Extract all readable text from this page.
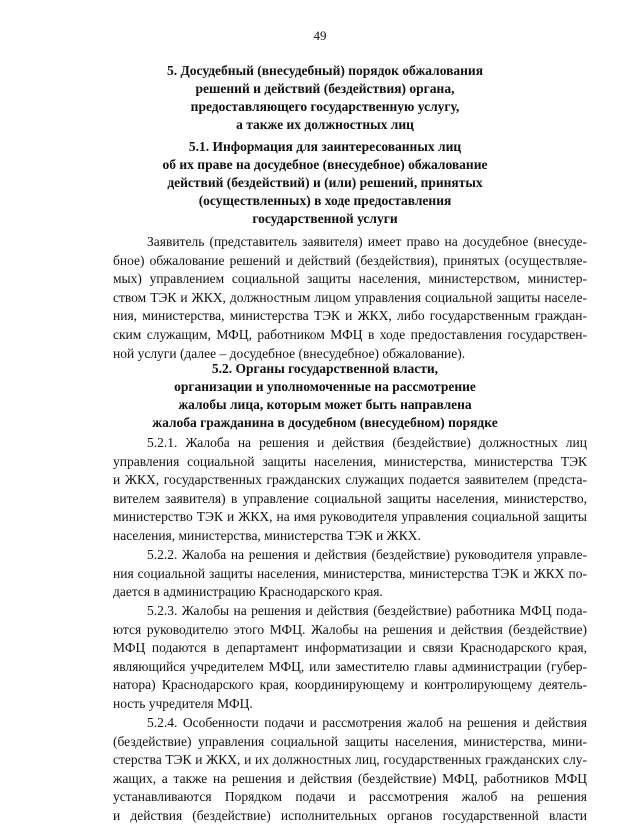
49
5. Досудебный (внесудебный) порядок обжалования
решений и действий (бездействия) органа,
предоставляющего государственную услугу,
а также их должностных лиц
5.1. Информация для заинтересованных лиц
об их праве на досудебное (внесудебное) обжалование
действий (бездействий) и (или) решений, принятых
(осуществленных) в ходе предоставления
государственной услуги
Заявитель (представитель заявителя) имеет право на досудебное (внесуде-
бное) обжалование решений и действий (бездействия), принятых (осуществляе-
мых) управлением социальной защиты населения, министерством, министер-
ством ТЭК и ЖКХ, должностным лицом управления социальной защиты населе-
ния, министерства, министерства ТЭК и ЖКХ, либо государственным граждан-
ским служащим, МФЦ, работником МФЦ в ходе предоставления государствен-
ной услуги (далее – досудебное (внесудебное) обжалование).
5.2. Органы государственной власти,
организации и уполномоченные на рассмотрение
жалобы лица, которым может быть направлена
жалоба гражданина в досудебном (внесудебном) порядке
5.2.1. Жалоба на решения и действия (бездействие) должностных лиц
управления социальной защиты населения, министерства, министерства ТЭК
и ЖКХ, государственных гражданских служащих подается заявителем (предста-
вителем заявителя) в управление социальной защиты населения, министерство,
министерство ТЭК и ЖКХ, на имя руководителя управления социальной защиты
населения, министерства, министерства ТЭК и ЖКХ.
5.2.2. Жалоба на решения и действия (бездействие) руководителя управле-
ния социальной защиты населения, министерства, министерства ТЭК и ЖКХ по-
дается в администрацию Краснодарского края.
5.2.3. Жалобы на решения и действия (бездействие) работника МФЦ пода-
ются руководителю этого МФЦ. Жалобы на решения и действия (бездействие)
МФЦ подаются в департамент информатизации и связи Краснодарского края,
являющийся учредителем МФЦ, или заместителю главы администрации (губер-
натора) Краснодарского края, координирующему и контролирующему деятель-
ность учредителя МФЦ.
5.2.4. Особенности подачи и рассмотрения жалоб на решения и действия
(бездействие) управления социальной защиты населения, министерства, мини-
стерства ТЭК и ЖКХ, и их должностных лиц, государственных гражданских слу-
жащих, а также на решения и действия (бездействие) МФЦ, работников МФЦ
устанавливаются Порядком подачи и рассмотрения жалоб на решения
и действия (бездействие) исполнительных органов государственной власти
